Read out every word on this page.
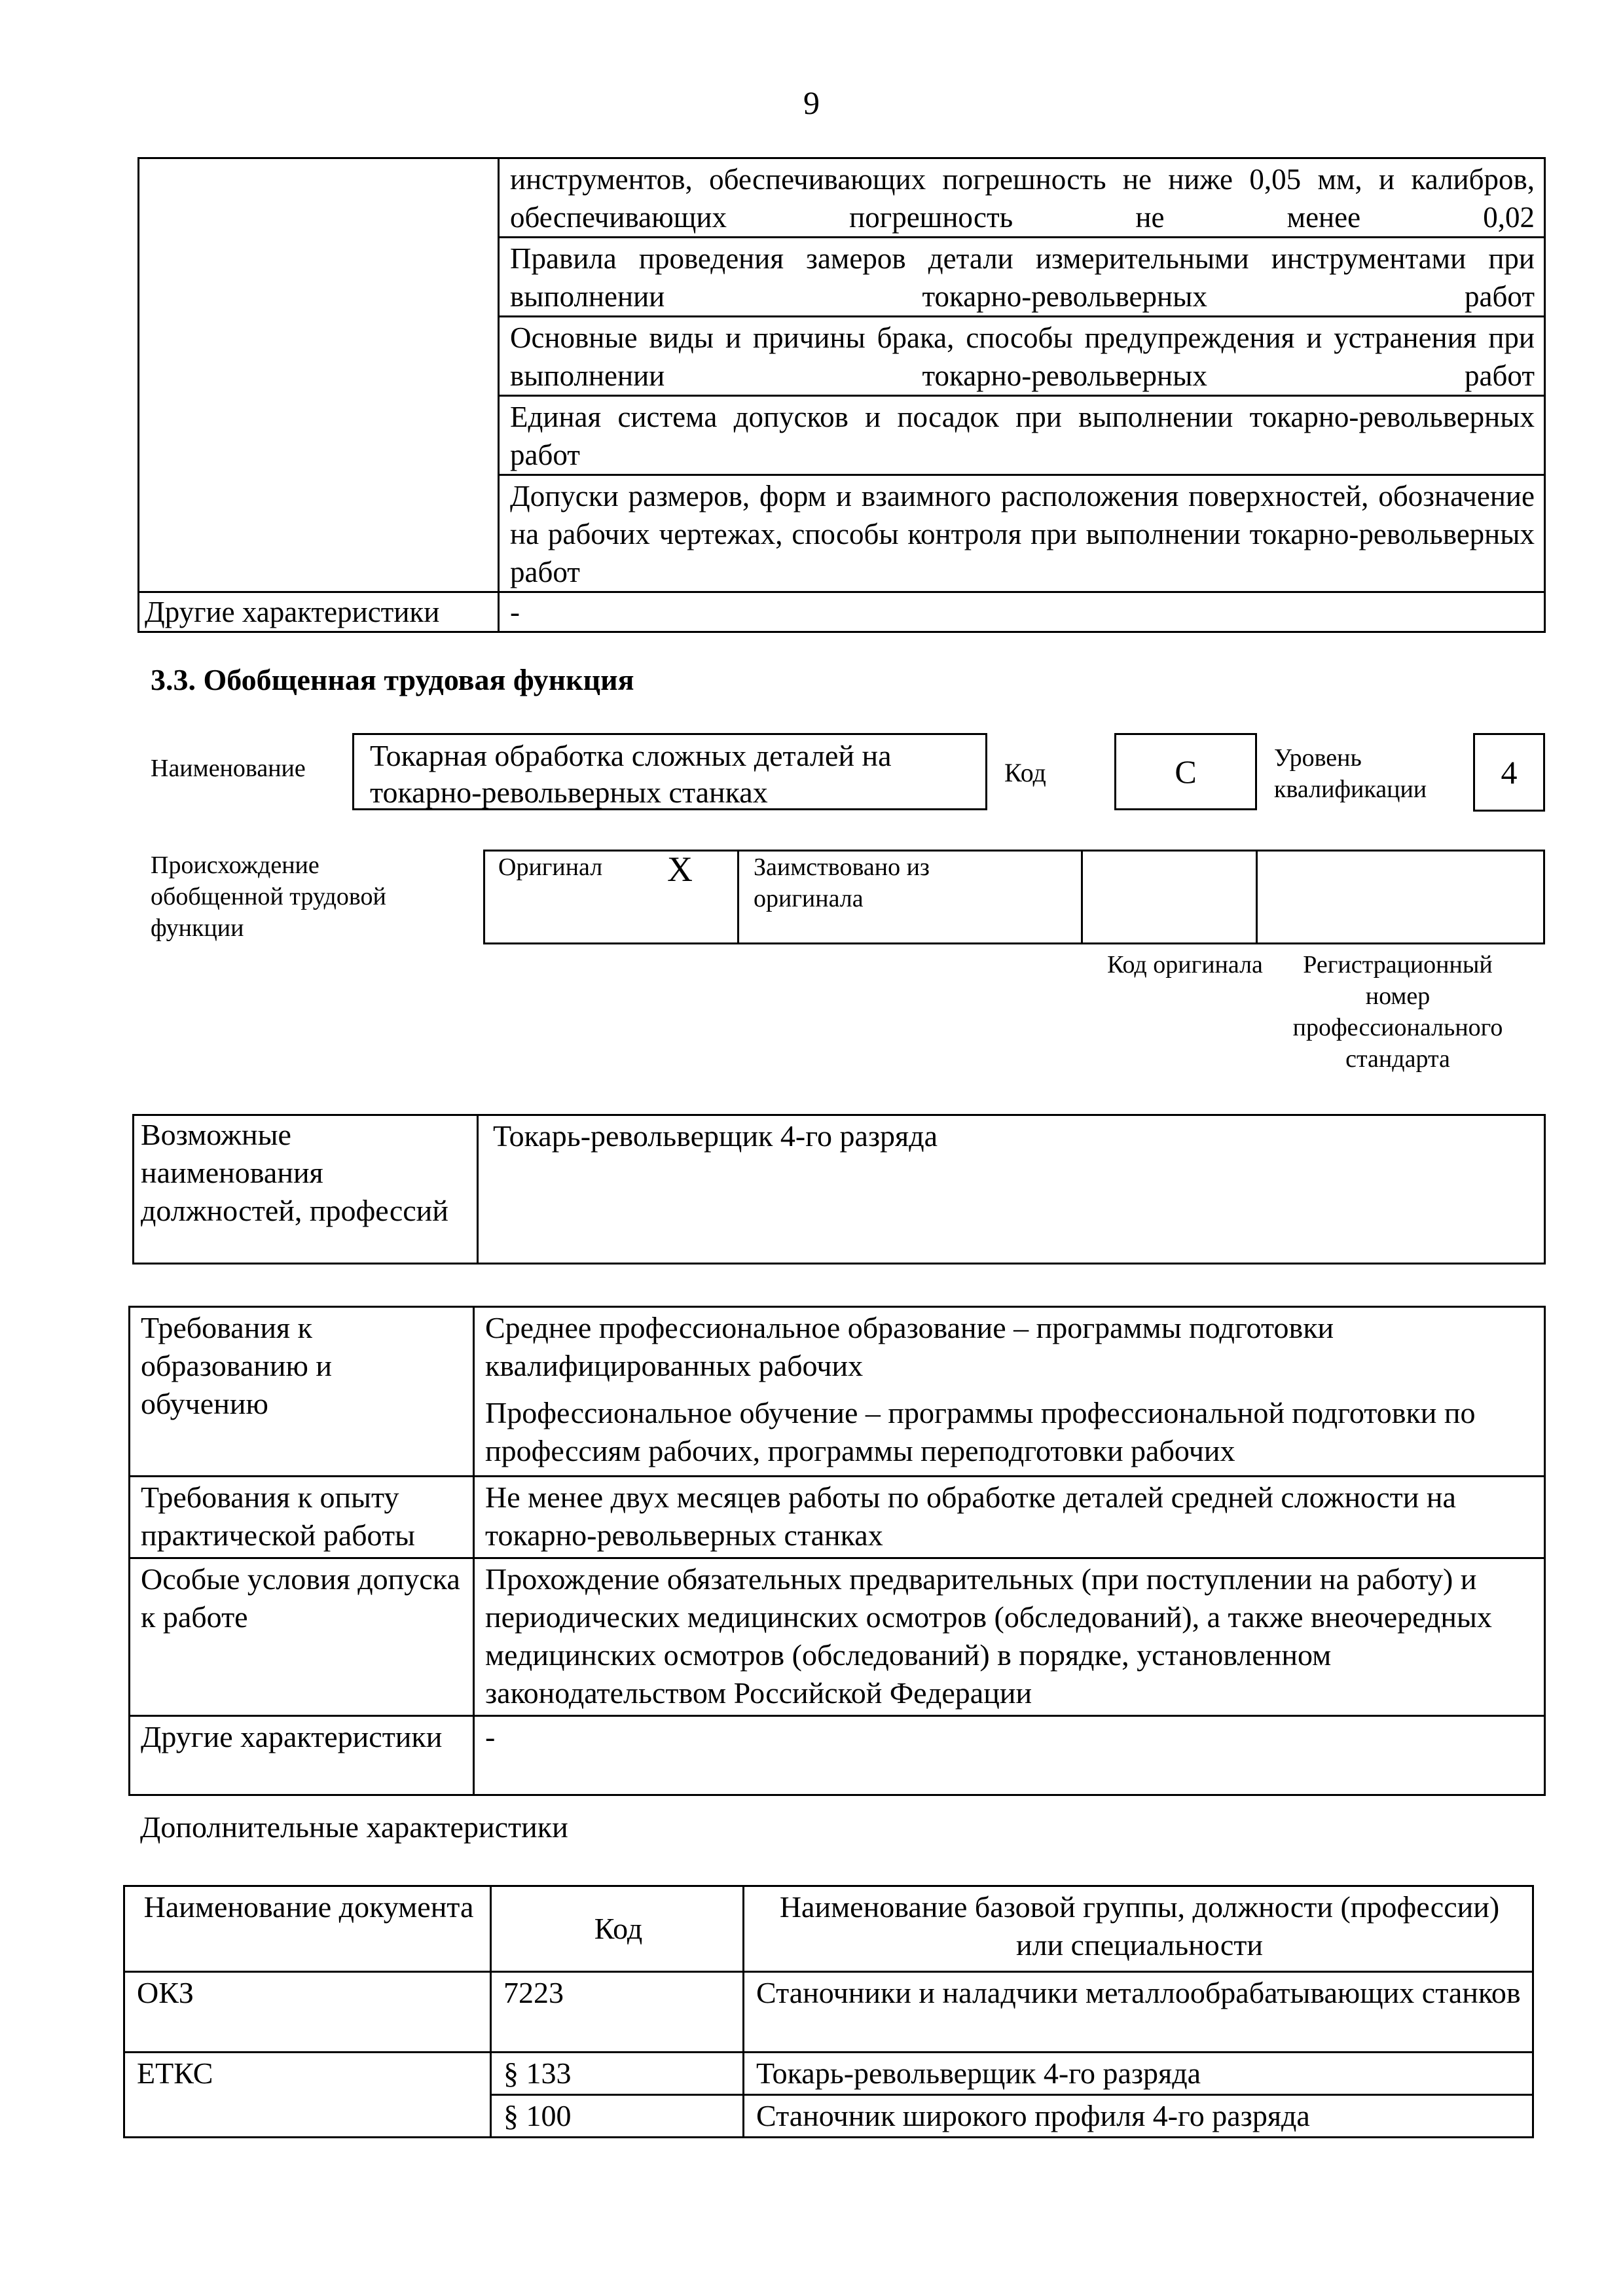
9
	инструментов, обеспечивающих погрешность не ниже 0,05 мм, и калибров, обеспечивающих погрешность не менее 0,02
	Правила проведения замеров детали измерительными инструментами при выполнении токарно-револьверных работ
	Основные виды и причины брака, способы предупреждения и устранения при выполнении токарно-револьверных работ
	Единая система допусков и посадок при выполнении токарно-револьверных работ
	Допуски размеров, форм и взаимного расположения поверхностей, обозначение на рабочих чертежах, способы контроля при выполнении токарно-револьверных работ
Другие характеристики	-
3.3. Обобщенная трудовая функция
Наименование	Токарная обработка сложных деталей на токарно-револьверных станках
Код	C	Уровень квалификации	4
Происхождение обобщенной трудовой функции
Оригинал X Заимствовано из оригинала
Код оригинала	Регистрационный номер профессионального стандарта
Возможные наименования должностей, профессий	Токарь-револьверщик 4-го разряда
Требования к образованию и обучению	Среднее профессиональное образование – программы подготовки квалифицированных рабочих
Профессиональное обучение – программы профессиональной подготовки по профессиям рабочих, программы переподготовки рабочих

Требования к опыту практической работы	Не менее двух месяцев работы по обработке деталей средней сложности на токарно-револьверных станках
Особые условия допуска к работе	Прохождение обязательных предварительных (при поступлении на работу) и периодических медицинских осмотров (обследований), а также внеочередных медицинских осмотров (обследований) в порядке, установленном законодательством Российской Федерации
Другие характеристики	-
Дополнительные характеристики
Наименование документа	Код	Наименование базовой группы, должности (профессии) или специальности
ОКЗ	7223	Станочники и наладчики металлообрабатывающих станков
ЕТКС	§ 133	Токарь-револьверщик 4-го разряда
	§ 100	Станочник широкого профиля 4-го разряда
